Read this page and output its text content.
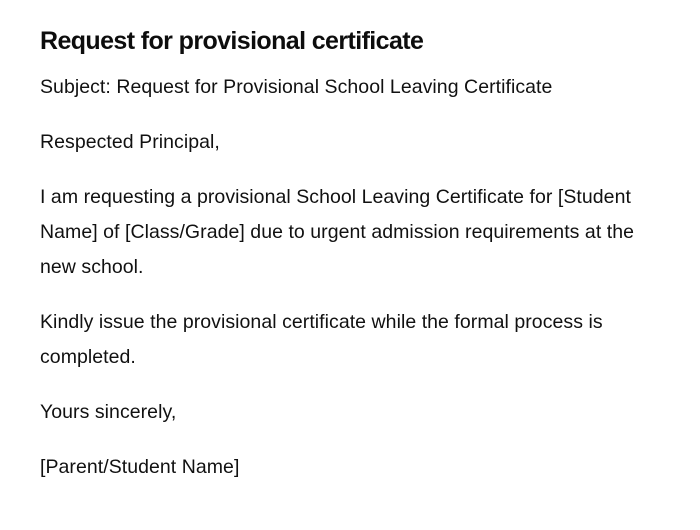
Request for provisional certificate

Subject: Request for Provisional School Leaving Certificate

Respected Principal,

I am requesting a provisional School Leaving Certificate for [Student Name] of [Class/Grade] due to urgent admission requirements at the new school.

Kindly issue the provisional certificate while the formal process is completed.

Yours sincerely,

[Parent/Student Name]
